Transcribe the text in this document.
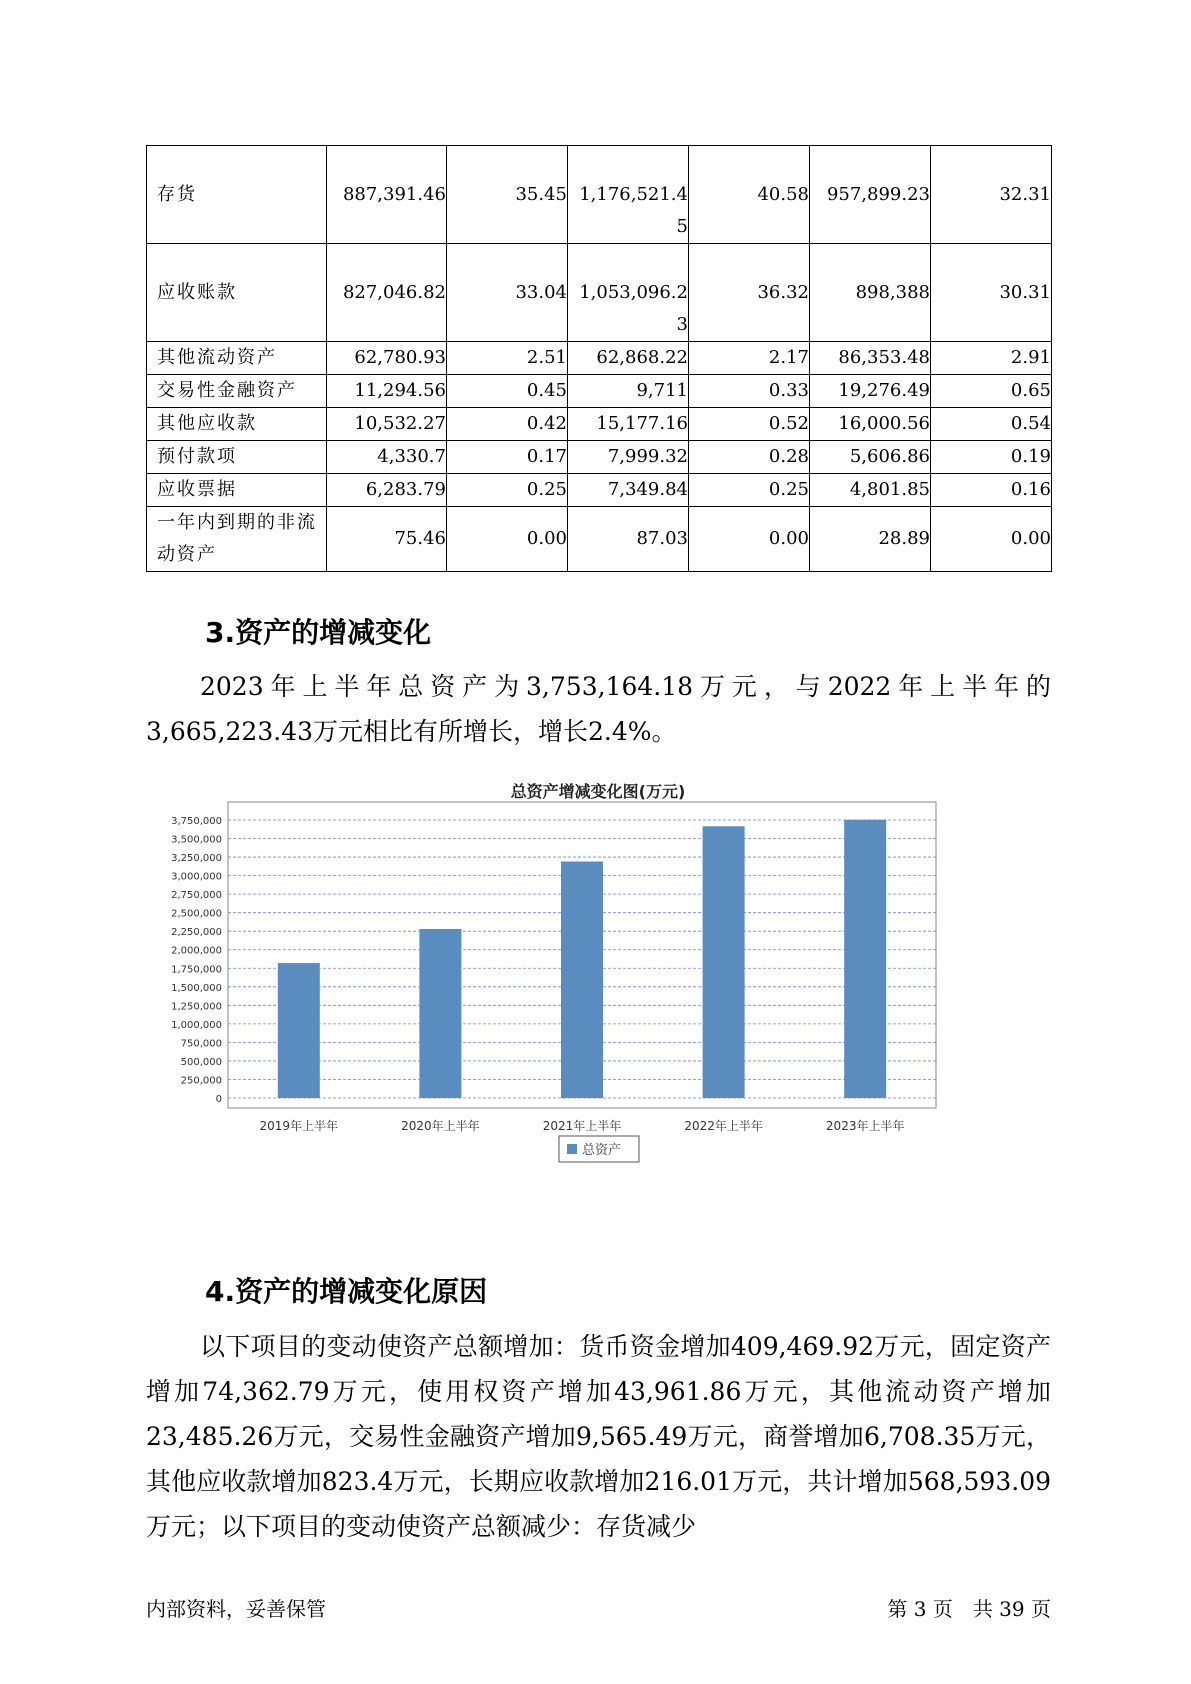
存货	887,391.46	35.45	1,176,521.45	40.58	957,899.23	32.31

应收账款	827,046.82	33.04	1,053,096.23	36.32	898,388	30.31

其他流动资产	62,780.93	2.51	62,868.22	2.17	86,353.48	2.91

交易性金融资产	11,294.56	0.45	9,711	0.33	19,276.49	0.65

其他应收款	10,532.27	0.42	15,177.16	0.52	16,000.56	0.54

预付款项	4,330.7	0.17	7,999.32	0.28	5,606.86	0.19

应收票据	6,283.79	0.25	7,349.84	0.25	4,801.85	0.16

一年内到期的非流动资产	75.46	0.00	87.03	0.00	28.89	0.00
3.资产的增减变化
2023年上半年总资产为3,753,164.18万元，与2022年上半年的3,665,223.43万元相比有所增长，增长2.4%。
总资产增减变化图(万元)
0
250,000
500,000
750,000
1,000,000
1,250,000
1,500,000
1,750,000
2,000,000
2,250,000
2,500,000
2,750,000
3,000,000
3,250,000
3,500,000
3,750,000
2019年上半年	2020年上半年	2021年上半年	2022年上半年	2023年上半年
总资产
4.资产的增减变化原因
以下项目的变动使资产总额增加：货币资金增加409,469.92万元，固定资产增加74,362.79万元，使用权资产增加43,961.86万元，其他流动资产增加23,485.26万元，交易性金融资产增加9,565.49万元，商誉增加6,708.35万元，其他应收款增加823.4万元，长期应收款增加216.01万元，共计增加568,593.09万元；以下项目的变动使资产总额减少：存货减少
内部资料，妥善保管	第 3 页　共 39 页
